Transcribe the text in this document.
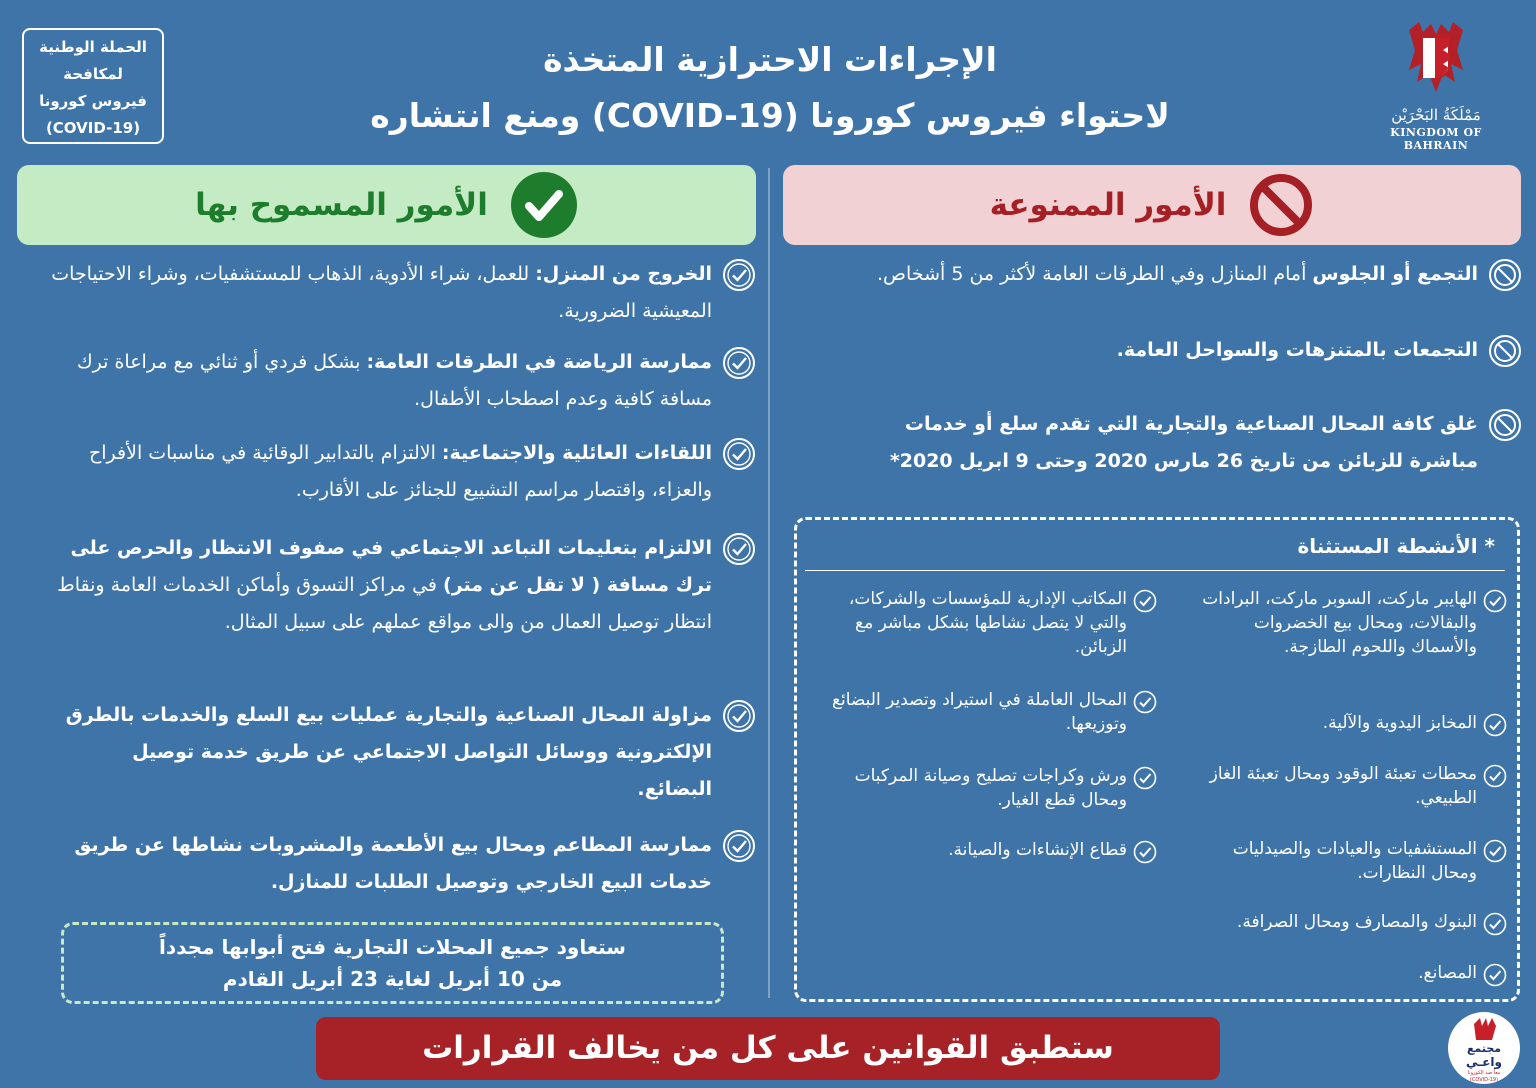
الحملة الوطنية
لمكافحة
فيروس كورونا
(COVID-19)
الإجراءات الاحترازية المتخذة
لاحتواء فيروس كورونا (COVID-19) ومنع انتشاره	مَمْلَكَةُ البَحْرَيْن
KINGDOM OF BAHRAIN
الأمور الممنوعة
الأمور المسموح بها
التجمع أو الجلوس أمام المنازل وفي الطرقات العامة لأكثر من 5 أشخاص.
التجمعات بالمتنزهات والسواحل العامة.
غلق كافة المحال الصناعية والتجارية التي تقدم سلع أو خدمات مباشرة للزبائن من تاريخ 26 مارس 2020 وحتى 9 ابريل 2020*
* الأنشطة المستثناة
الهايبر ماركت، السوبر ماركت، البرادات والبقالات، ومحال بيع الخضروات والأسماك واللحوم الطازجة.
المخابز اليدوية والآلية.
محطات تعبئة الوقود ومحال تعبئة الغاز الطبيعي.
المستشفيات والعيادات والصيدليات ومحال النظارات.
البنوك والمصارف ومحال الصرافة.
المصانع.
المكاتب الإدارية للمؤسسات والشركات، والتي لا يتصل نشاطها بشكل مباشر مع الزبائن.
المحال العاملة في استيراد وتصدير البضائع وتوزيعها.
ورش وكراجات تصليح وصيانة المركبات ومحال قطع الغيار.
قطاع الإنشاءات والصيانة.
الخروج من المنزل: للعمل، شراء الأدوية، الذهاب للمستشفيات، وشراء الاحتياجات المعيشية الضرورية.
ممارسة الرياضة في الطرقات العامة: بشكل فردي أو ثنائي مع مراعاة ترك مسافة كافية وعدم اصطحاب الأطفال.
اللقاءات العائلية والاجتماعية: الالتزام بالتدابير الوقائية في مناسبات الأفراح والعزاء، واقتصار مراسم التشييع للجنائز على الأقارب.
الالتزام بتعليمات التباعد الاجتماعي في صفوف الانتظار والحرص على ترك مسافة ( لا تقل عن متر) في مراكز التسوق وأماكن الخدمات العامة ونقاط انتظار توصيل العمال من والى مواقع عملهم على سبيل المثال.
مزاولة المحال الصناعية والتجارية عمليات بيع السلع والخدمات بالطرق الإلكترونية ووسائل التواصل الاجتماعي عن طريق خدمة توصيل البضائع.
ممارسة المطاعم ومحال بيع الأطعمة والمشروبات نشاطها عن طريق خدمات البيع الخارجي وتوصيل الطلبات للمنازل.
ستعاود جميع المحلات التجارية فتح أبوابها مجدداً
من 10 أبريل لغاية 23 أبريل القادم
ستطبق القوانين على كل من يخالف القرارات	مجتمع
واعـي
معاً ضد الكورونا
(COVID-19)
